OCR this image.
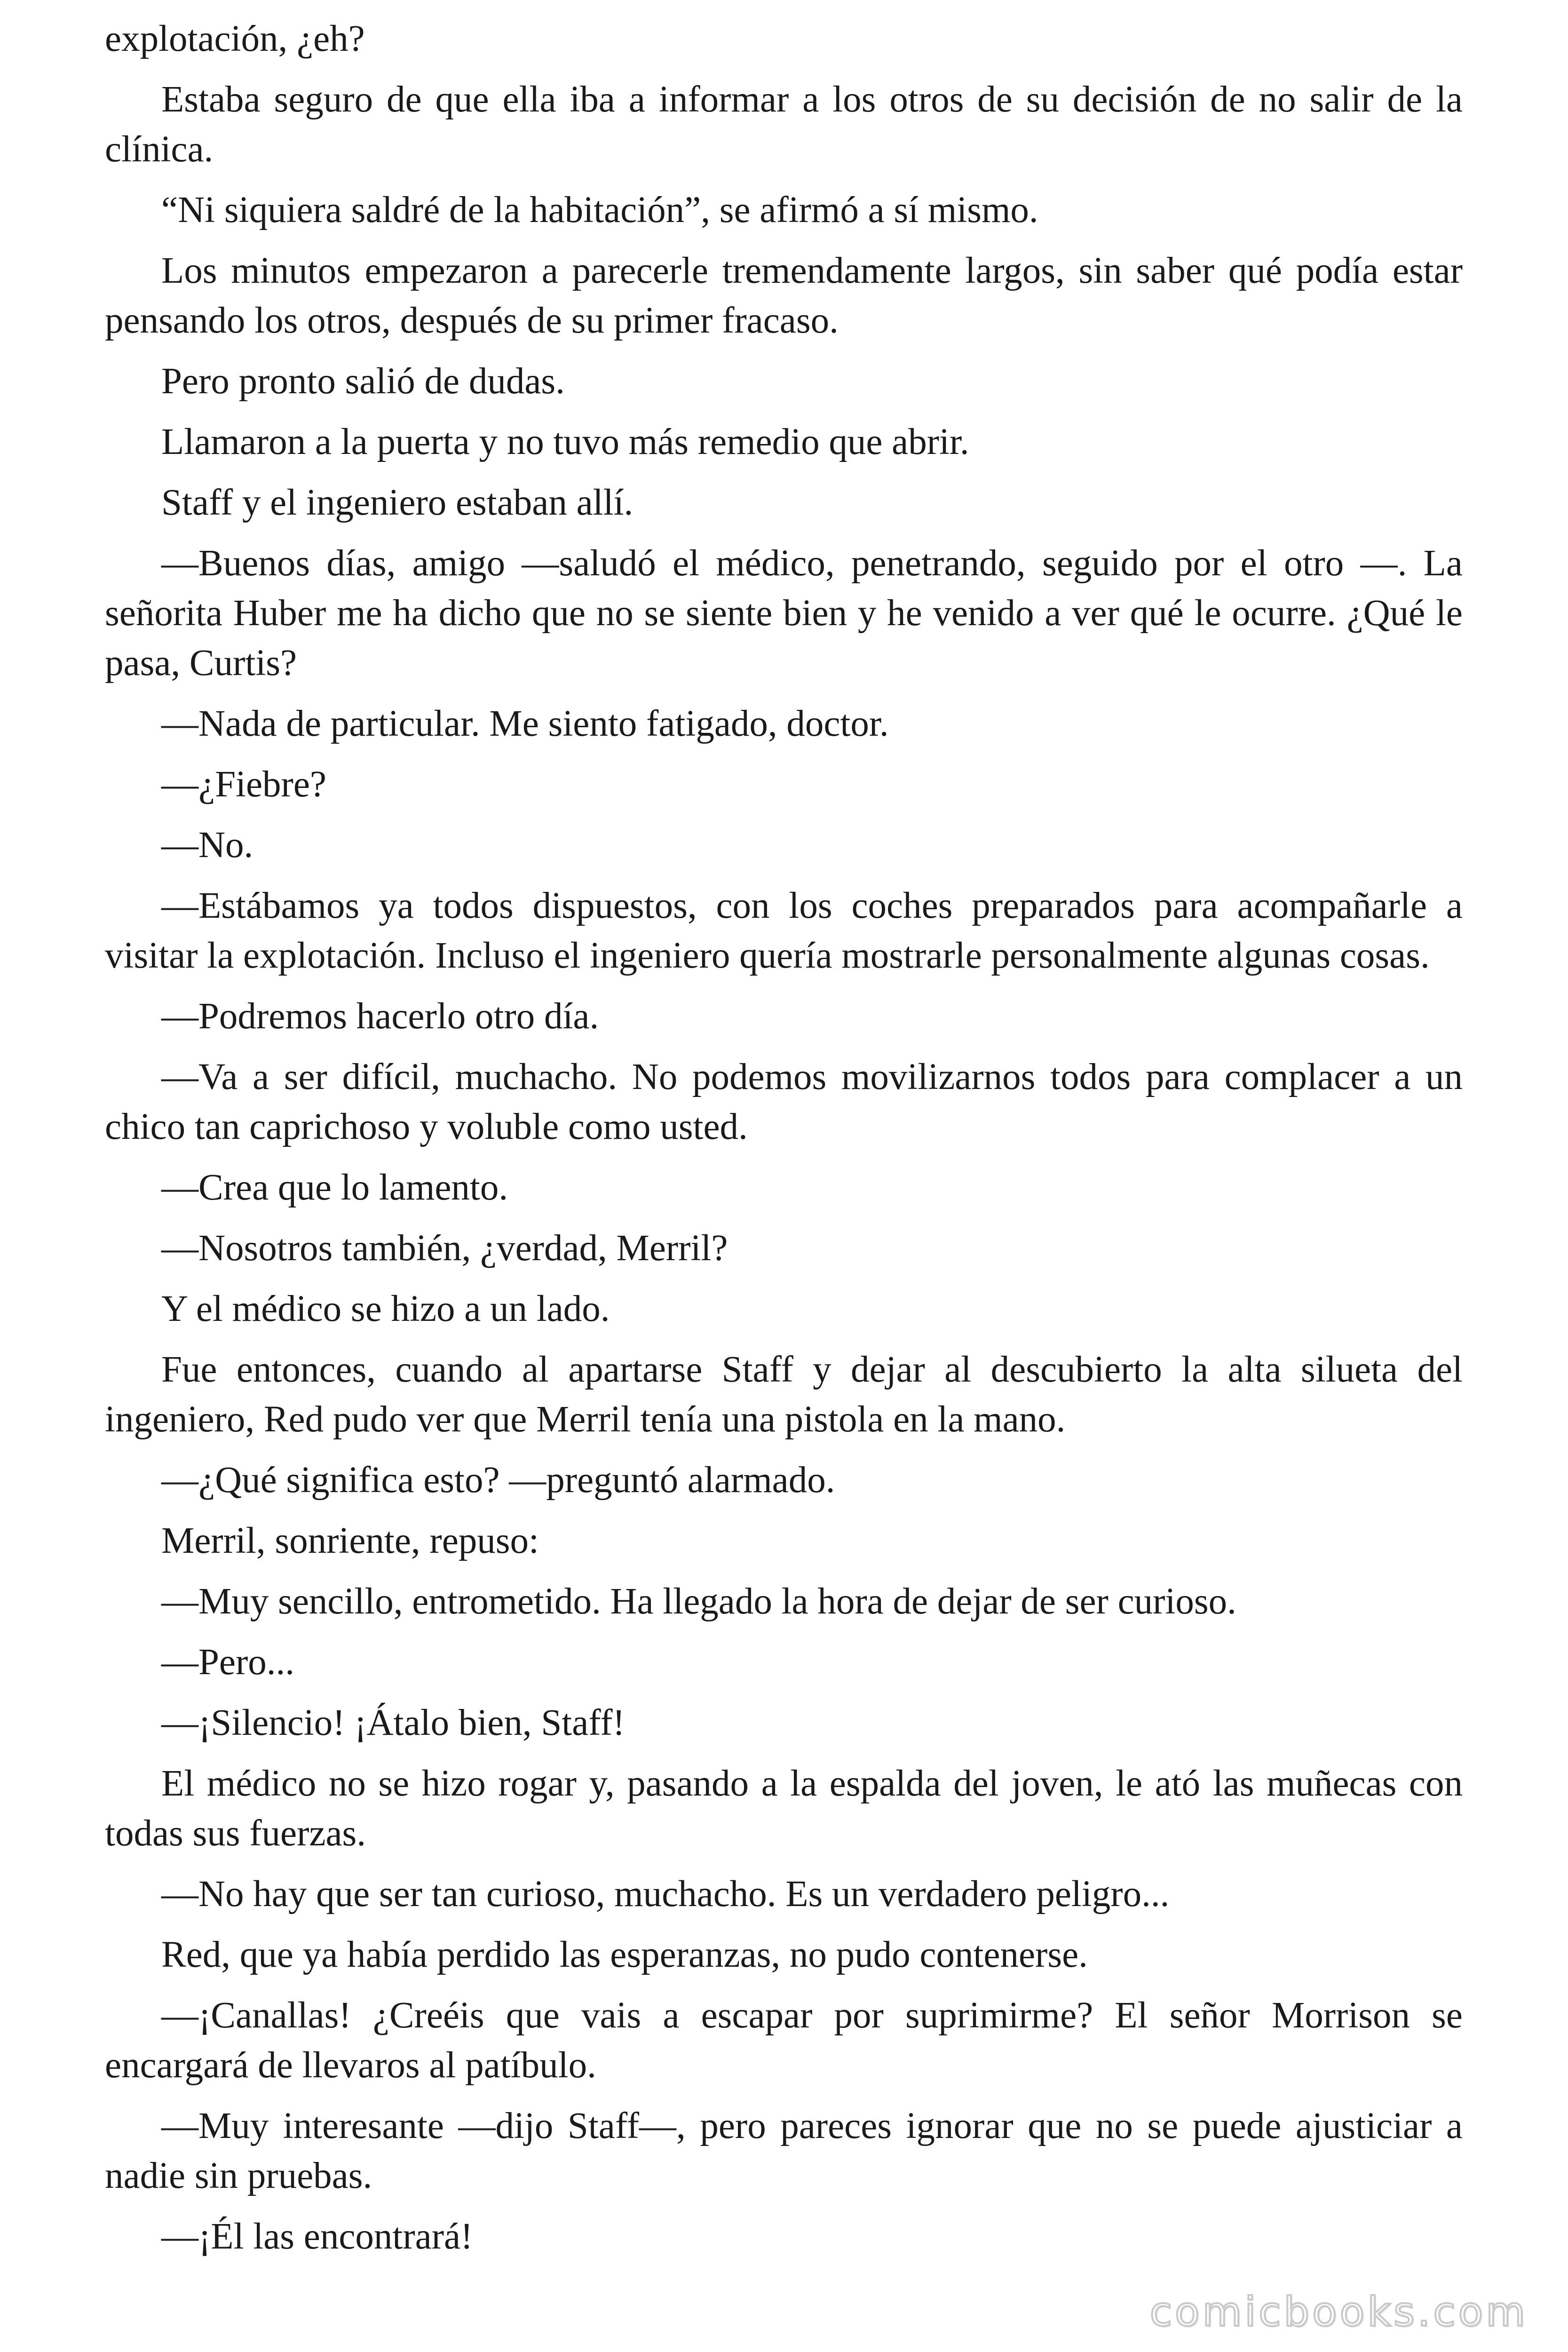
explotación, ¿eh?

Estaba seguro de que ella iba a informar a los otros de su decisión de no salir de la clínica.

“Ni siquiera saldré de la habitación”, se afirmó a sí mismo.

Los minutos empezaron a parecerle tremendamente largos, sin saber qué podía estar pensando los otros, después de su primer fracaso.

Pero pronto salió de dudas.

Llamaron a la puerta y no tuvo más remedio que abrir.

Staff y el ingeniero estaban allí.

—Buenos días, amigo —saludó el médico, penetrando, seguido por el otro —. La señorita Huber me ha dicho que no se siente bien y he venido a ver qué le ocurre. ¿Qué le pasa, Curtis?

—Nada de particular. Me siento fatigado, doctor.

—¿Fiebre?

—No.

—Estábamos ya todos dispuestos, con los coches preparados para acompañarle a visitar la explotación. Incluso el ingeniero quería mostrarle personalmente algunas cosas.

—Podremos hacerlo otro día.

—Va a ser difícil, muchacho. No podemos movilizarnos todos para complacer a un chico tan caprichoso y voluble como usted.

—Crea que lo lamento.

—Nosotros también, ¿verdad, Merril?

Y el médico se hizo a un lado.

Fue entonces, cuando al apartarse Staff y dejar al descubierto la alta silueta del ingeniero, Red pudo ver que Merril tenía una pistola en la mano.

—¿Qué significa esto? —preguntó alarmado.

Merril, sonriente, repuso:

—Muy sencillo, entrometido. Ha llegado la hora de dejar de ser curioso.

—Pero...

—¡Silencio! ¡Átalo bien, Staff!

El médico no se hizo rogar y, pasando a la espalda del joven, le ató las muñecas con todas sus fuerzas.

—No hay que ser tan curioso, muchacho. Es un verdadero peligro...

Red, que ya había perdido las esperanzas, no pudo contenerse.

—¡Canallas! ¿Creéis que vais a escapar por suprimirme? El señor Morrison se encargará de llevaros al patíbulo.

—Muy interesante —dijo Staff—, pero pareces ignorar que no se puede ajusticiar a nadie sin pruebas.

—¡Él las encontrará!

comicbooks.com
